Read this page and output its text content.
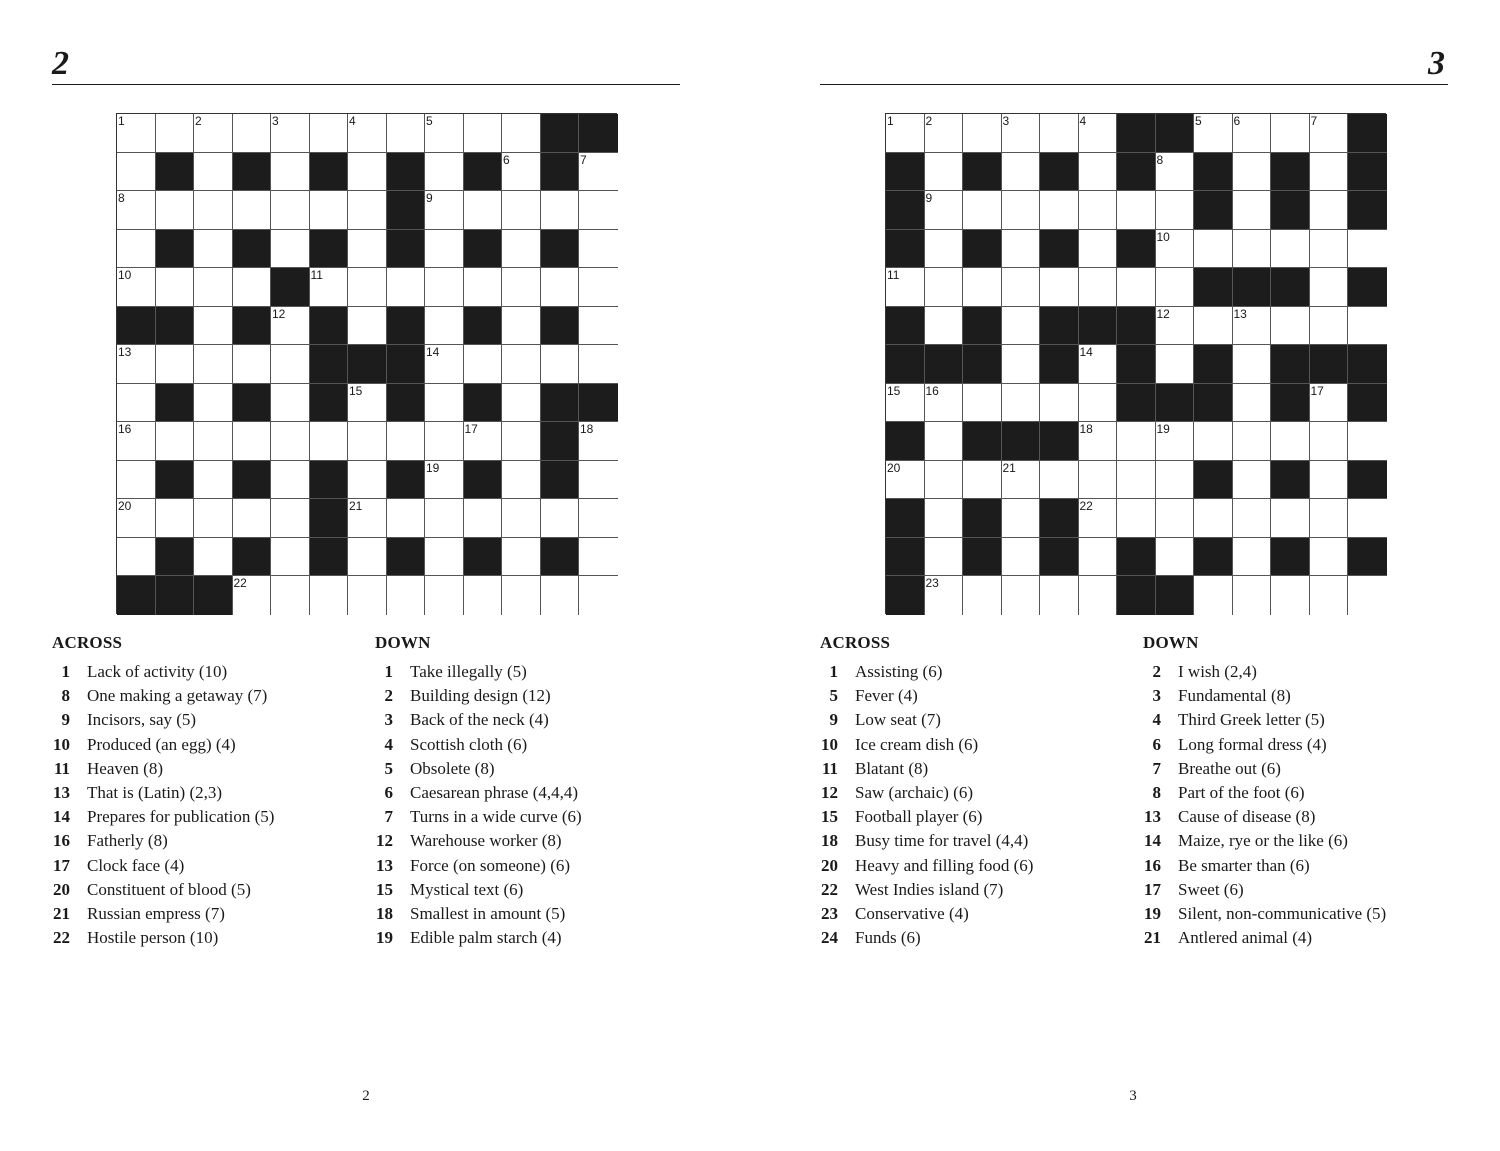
2
1	2	3	4	5
6	7
8	9
10	11
12
13	14
15
16	17	18
19
20	21
22
ACROSS
1 Lack of activity (10)
8 One making a getaway (7)
9 Incisors, say (5)
10 Produced (an egg) (4)
11 Heaven (8)
13 That is (Latin) (2,3)
14 Prepares for publication (5)
16 Fatherly (8)
17 Clock face (4)
20 Constituent of blood (5)
21 Russian empress (7)
22 Hostile person (10)
DOWN
1 Take illegally (5)
2 Building design (12)
3 Back of the neck (4)
4 Scottish cloth (6)
5 Obsolete (8)
6 Caesarean phrase (4,4,4)
7 Turns in a wide curve (6)
12 Warehouse worker (8)
13 Force (on someone) (6)
15 Mystical text (6)
18 Smallest in amount (5)
19 Edible palm starch (4)
2
3
1	2	3	4	5	6	7
8
9
10
11
12	13
14
15 16	17
18	19
20	21
22
23
ACROSS
1 Assisting (6)
5 Fever (4)
9 Low seat (7)
10 Ice cream dish (6)
11 Blatant (8)
12 Saw (archaic) (6)
15 Football player (6)
18 Busy time for travel (4,4)
20 Heavy and filling food (6)
22 West Indies island (7)
23 Conservative (4)
24 Funds (6)
DOWN
2 I wish (2,4)
3 Fundamental (8)
4 Third Greek letter (5)
6 Long formal dress (4)
7 Breathe out (6)
8 Part of the foot (6)
13 Cause of disease (8)
14 Maize, rye or the like (6)
16 Be smarter than (6)
17 Sweet (6)
19 Silent, non-communicative (5)
21 Antlered animal (4)
3
